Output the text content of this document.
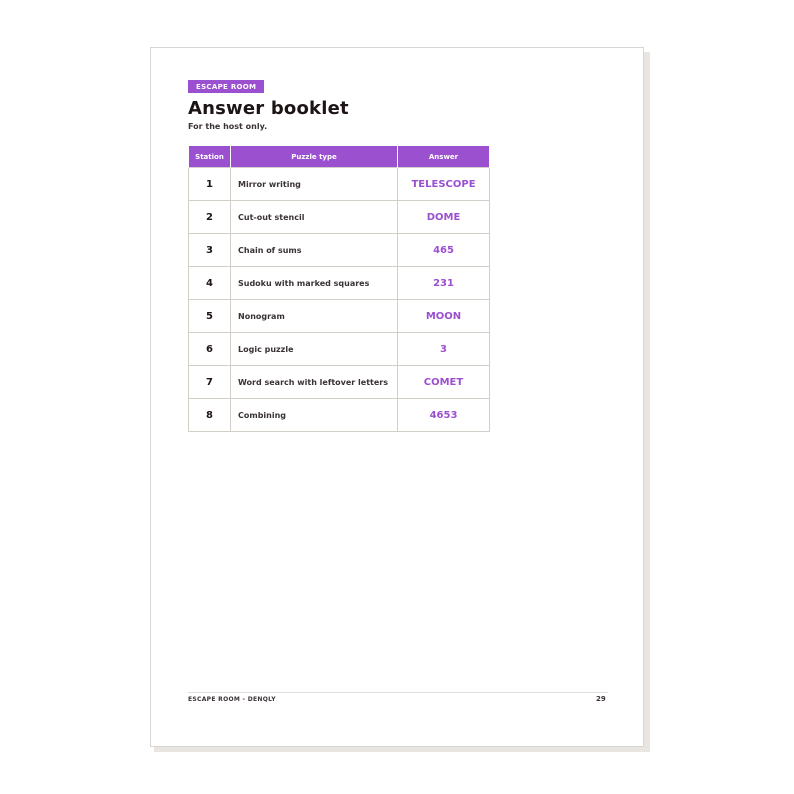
ESCAPE ROOM
Answer booklet
For the host only.
Station	Puzzle type	Answer
1	Mirror writing	TELESCOPE
2	Cut-out stencil	DOME
3	Chain of sums	465
4	Sudoku with marked squares	231
5	Nonogram	MOON
6	Logic puzzle	3
7	Word search with leftover letters	COMET
8	Combining	4653
ESCAPE ROOM - DENQLY	29
